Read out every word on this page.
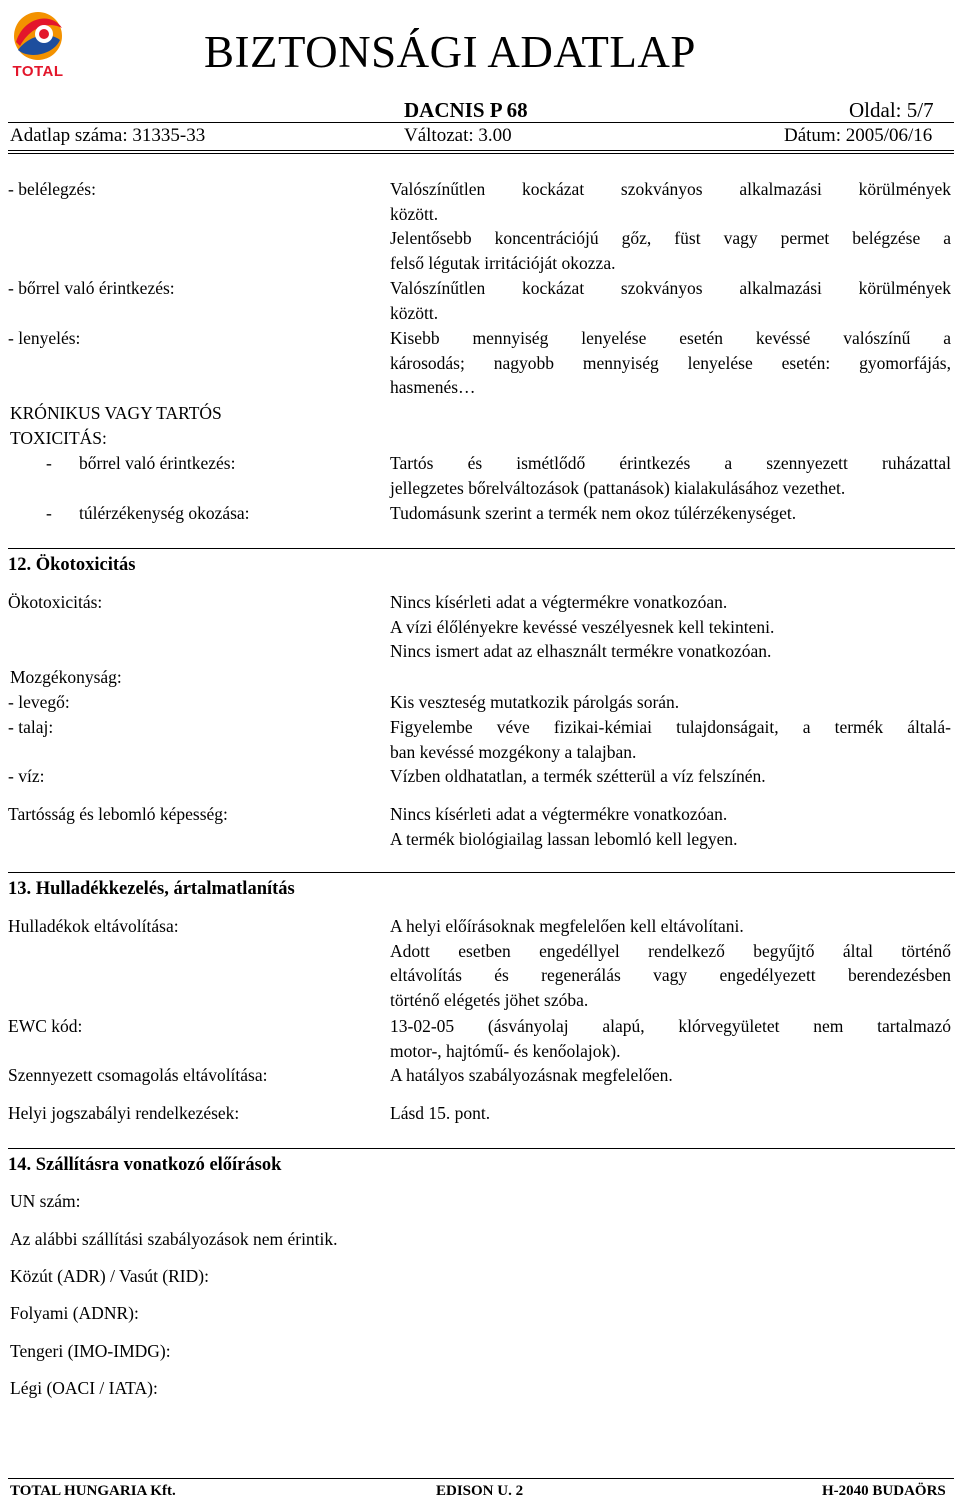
TOTAL	BIZTONSÁGI ADATLAP
DACNIS P 68	Oldal: 5/7
Adatlap száma: 31335-33	Változat: 3.00	Dátum: 2005/06/16
- belélegzés:	Valószínűtlen kockázat szokványos alkalmazási körülmények
között.
Jelentősebb koncentrációjú gőz, füst vagy permet belégzése a
felső légutak irritációját okozza.
- bőrrel való érintkezés:	Valószínűtlen kockázat szokványos alkalmazási körülmények
között.
- lenyelés:	Kisebb mennyiség lenyelése esetén kevéssé valószínű a
károsodás; nagyobb mennyiség lenyelése esetén: gyomorfájás,
hasmenés…
KRÓNIKUS VAGY TARTÓS
TOXICITÁS:
- bőrrel való érintkezés:	Tartós és ismétlődő érintkezés a szennyezett ruházattal
jellegzetes bőrelváltozások (pattanások) kialakulásához vezethet.
- túlérzékenység okozása:	Tudomásunk szerint a termék nem okoz túlérzékenységet.
12. Ökotoxicitás
Ökotoxicitás:	Nincs kísérleti adat a végtermékre vonatkozóan.
A vízi élőlényekre kevéssé veszélyesnek kell tekinteni.
Nincs ismert adat az elhasznált termékre vonatkozóan.
Mozgékonyság:
- levegő:	Kis veszteség mutatkozik párolgás során.
- talaj:	Figyelembe véve fizikai-kémiai tulajdonságait, a termék általá-
ban kevéssé mozgékony a talajban.
- víz:	Vízben oldhatatlan, a termék szétterül a víz felszínén.
Tartósság és lebomló képesség:	Nincs kísérleti adat a végtermékre vonatkozóan.
A termék biológiailag lassan lebomló kell legyen.
13. Hulladékkezelés, ártalmatlanítás
Hulladékok eltávolítása:	A helyi előírásoknak megfelelően kell eltávolítani.
Adott esetben engedéllyel rendelkező begyűjtő által történő
eltávolítás és regenerálás vagy engedélyezett berendezésben
történő elégetés jöhet szóba.
EWC kód:	13-02-05 (ásványolaj alapú, klórvegyületet nem tartalmazó
motor-, hajtómű- és kenőolajok).
Szennyezett csomagolás eltávolítása:	A hatályos szabályozásnak megfelelően.
Helyi jogszabályi rendelkezések:	Lásd 15. pont.
14. Szállításra vonatkozó előírások
UN szám:
Az alábbi szállítási szabályozások nem érintik.
Közút (ADR) / Vasút (RID):
Folyami (ADNR):
Tengeri (IMO-IMDG):
Légi (OACI / IATA):
TOTAL HUNGARIA Kft.	EDISON U. 2	H-2040 BUDAÖRS
